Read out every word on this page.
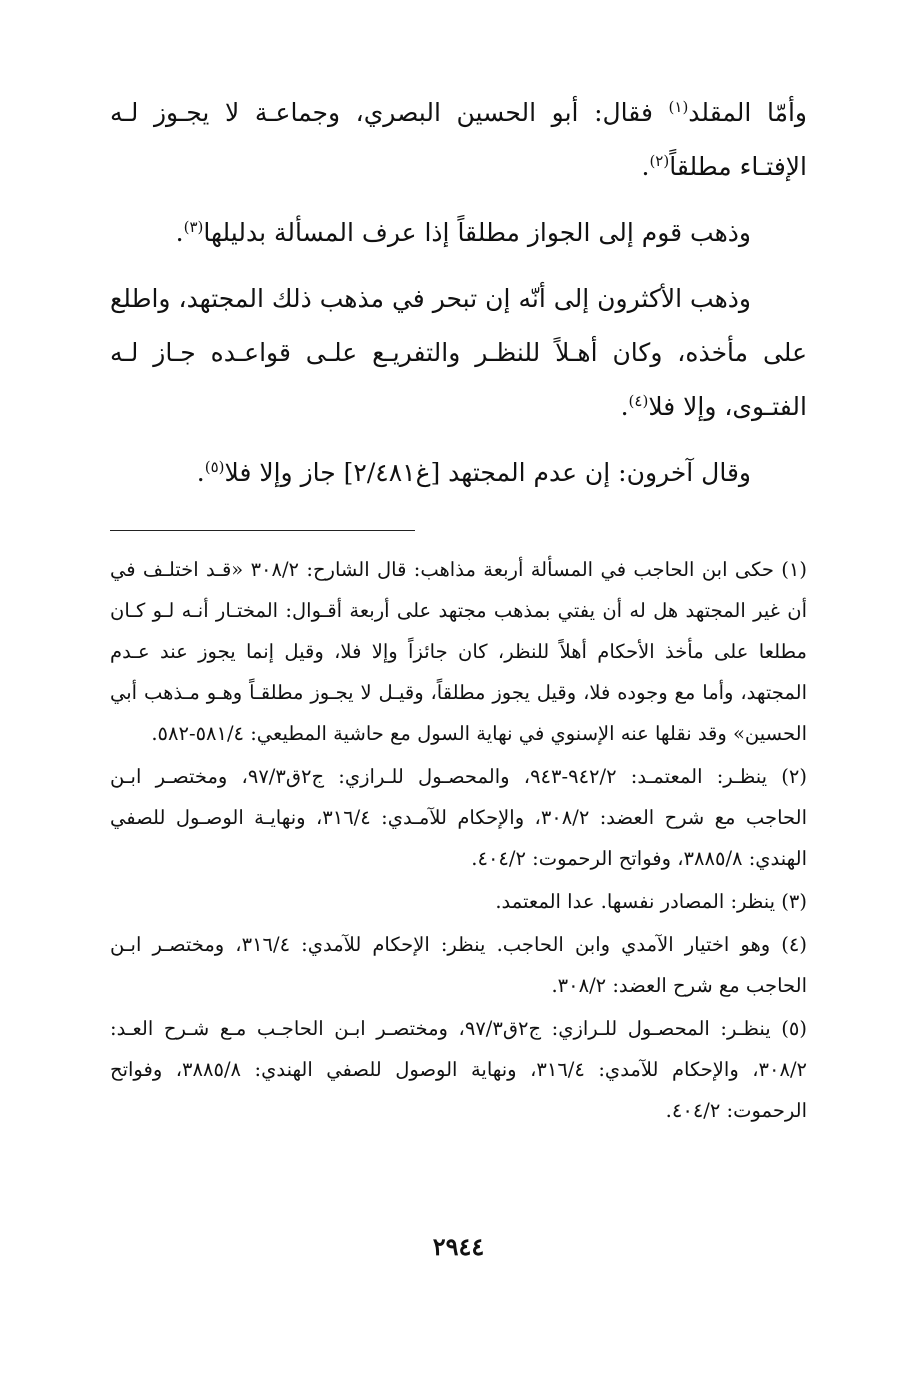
وأمّا المقلد$^{(١)}$ فقال: أبو الحسين البصري، وجماعـة لا يجـوز لـه الإفتـاء مطلقاً$^{(٢)}$.

وذهب قوم إلى الجواز مطلقاً إذا عرف المسألة بدليلها$^{(٣)}$.

وذهب الأكثرون إلى أنّه إن تبحر في مذهب ذلك المجتهد، واطلع على مأخذه، وكان أهـلاً للنظـر والتفريـع علـى قواعـده جـاز لـه الفتـوى، وإلا فلا$^{(٤)}$.

وقال آخرون: إن عدم المجتهد [غ٢/٤٨١] جاز وإلا فلا$^{(٥)}$.

(١) حكى ابن الحاجب في المسألة أربعة مذاهب: قال الشارح: ٣٠٨/٢ «قـد اختلـف في أن غير المجتهد هل له أن يفتي بمذهب مجتهد على أربعة أقـوال: المختـار أنـه لـو كـان مطلعا على مأخذ الأحكام أهلاً للنظر، كان جائزاً وإلا فلا، وقيل إنما يجوز عند عـدم المجتهد، وأما مع وجوده فلا، وقيل يجوز مطلقاً، وقيـل لا يجـوز مطلقـاً وهـو مـذهب أبي الحسين» وقد نقلها عنه الإسنوي في نهاية السول مع حاشية المطيعي: ٥٨١/٤-٥٨٢.

(٢) ينظـر: المعتمـد: ٩٤٢/٢-٩٤٣، والمحصـول للـرازي: ج٢ق٩٧/٣، ومختصـر ابـن الحاجب مع شرح العضد: ٣٠٨/٢، والإحكام للآمـدي: ٣١٦/٤، ونهايـة الوصـول للصفي الهندي: ٣٨٨٥/٨، وفواتح الرحموت: ٤٠٤/٢.

(٣) ينظر: المصادر نفسها. عدا المعتمد.

(٤) وهو اختيار الآمدي وابن الحاجب. ينظر: الإحكام للآمدي: ٣١٦/٤، ومختصـر ابـن الحاجب مع شرح العضد: ٣٠٨/٢.

(٥) ينظـر: المحصـول للـرازي: ج٢ق٩٧/٣، ومختصـر ابـن الحاجـب مـع شـرح العـد: ٣٠٨/٢، والإحكام للآمدي: ٣١٦/٤، ونهاية الوصول للصفي الهندي: ٣٨٨٥/٨، وفواتح الرحموت: ٤٠٤/٢.

٢٩٤٤
